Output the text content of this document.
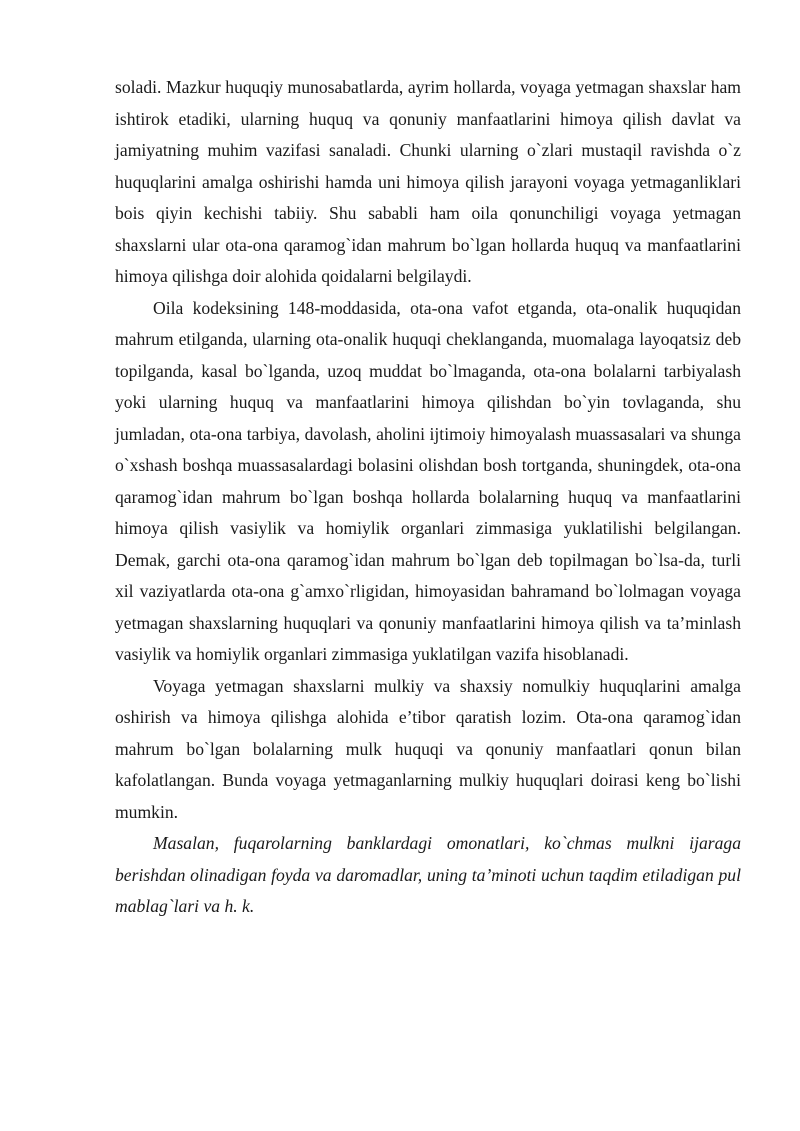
soladi. Mazkur huquqiy munosabatlarda, ayrim hollarda, voyaga yetmagan shaxslar ham ishtirok etadiki, ularning huquq va qonuniy manfaatlarini himoya qilish davlat va jamiyatning muhim vazifasi sanaladi. Chunki ularning o`zlari mustaqil ravishda o`z huquqlarini amalga oshirishi hamda uni himoya qilish jarayoni voyaga yetmaganliklari bois qiyin kechishi tabiiy. Shu sababli ham oila qonunchiligi voyaga yetmagan shaxslarni ular ota-ona qaramog`idan mahrum bo`lgan hollarda huquq va manfaatlarini himoya qilishga doir alohida qoidalarni belgilaydi.

Oila kodeksining 148-moddasida, ota-ona vafot etganda, ota-onalik huquqidan mahrum etilganda, ularning ota-onalik huquqi cheklanganda, muomalaga layoqatsiz deb topilganda, kasal bo`lganda, uzoq muddat bo`lmaganda, ota-ona bolalarni tarbiyalash yoki ularning huquq va manfaatlarini himoya qilishdan bo`yin tovlaganda, shu jumladan, ota-ona tarbiya, davolash, aholini ijtimoiy himoyalash muassasalari va shunga o`xshash boshqa muassasalardagi bolasini olishdan bosh tortganda, shuningdek, ota-ona qaramog`idan mahrum bo`lgan boshqa hollarda bolalarning huquq va manfaatlarini himoya qilish vasiylik va homiylik organlari zimmasiga yuklatilishi belgilangan. Demak, garchi ota-ona qaramog`idan mahrum bo`lgan deb topilmagan bo`lsa-da, turli xil vaziyatlarda ota-ona g`amxo`rligidan, himoyasidan bahramand bo`lolmagan voyaga yetmagan shaxslarning huquqlari va qonuniy manfaatlarini himoya qilish va ta’minlash vasiylik va homiylik organlari zimmasiga yuklatilgan vazifa hisoblanadi.

Voyaga yetmagan shaxslarni mulkiy va shaxsiy nomulkiy huquqlarini amalga oshirish va himoya qilishga alohida e’tibor qaratish lozim. Ota-ona qaramog`idan mahrum bo`lgan bolalarning mulk huquqi va qonuniy manfaatlari qonun bilan kafolatlangan. Bunda voyaga yetmaganlarning mulkiy huquqlari doirasi keng bo`lishi mumkin.

Masalan, fuqarolarning banklardagi omonatlari, ko`chmas mulkni ijaraga berishdan olinadigan foyda va daromadlar, uning ta’minoti uchun taqdim etiladigan pul mablag`lari va h. k.
